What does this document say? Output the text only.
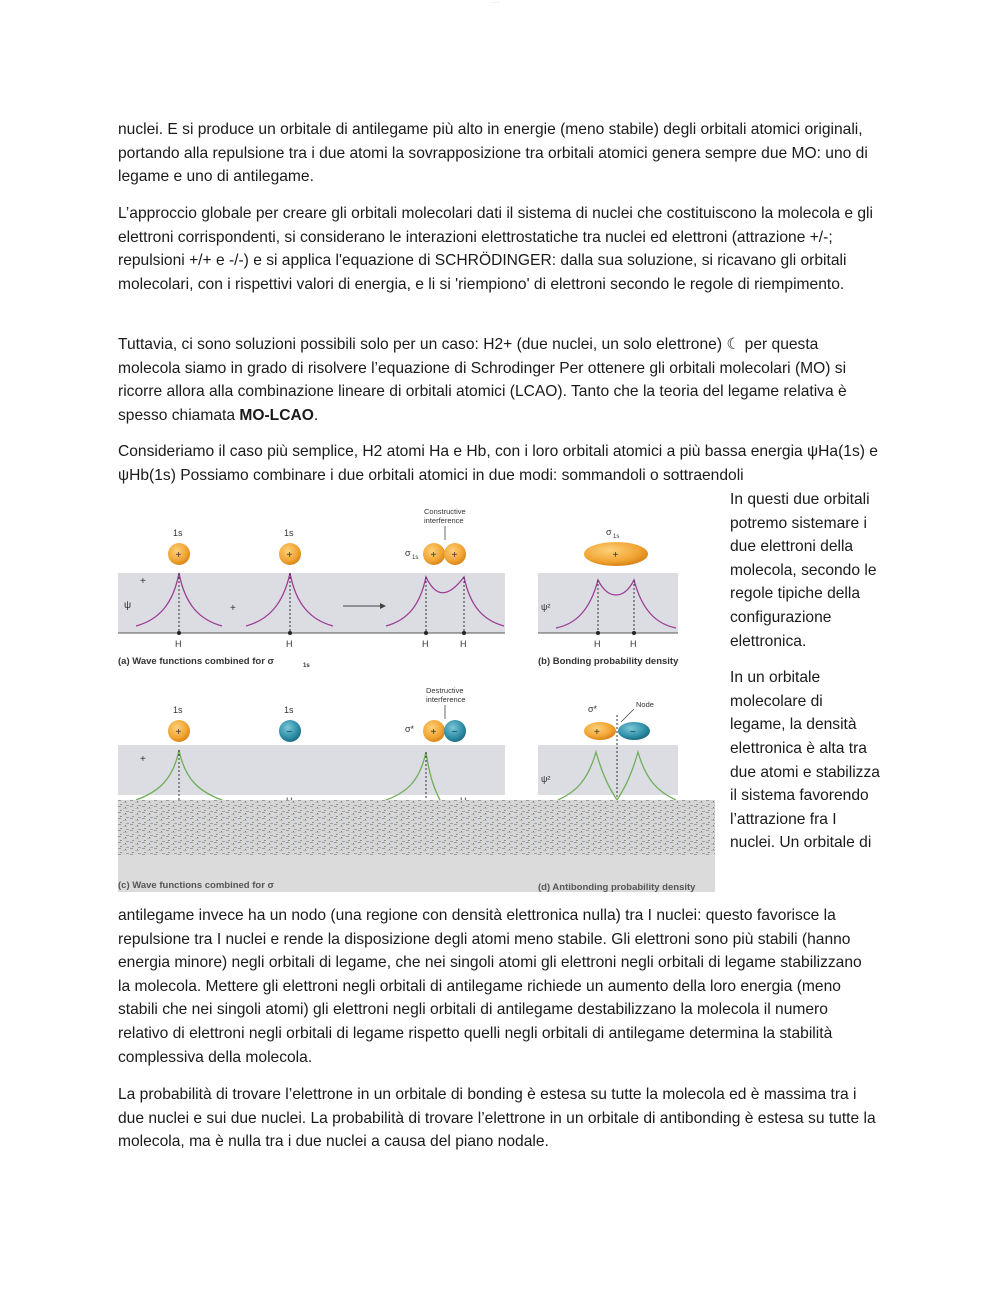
··· ···

nuclei. E si produce un orbitale di antilegame più alto in energie (meno stabile) degli orbitali atomici originali, portando alla repulsione tra i due atomi la sovrapposizione tra orbitali atomici genera sempre due MO: uno di legame e uno di antilegame.

L’approccio globale per creare gli orbitali molecolari dati il sistema di nuclei che costituiscono la molecola e gli elettroni corrispondenti, si considerano le interazioni elettrostatiche tra nuclei ed elettroni (attrazione +/-; repulsioni +/+ e -/-) e si applica l'equazione di SCHRÖDINGER: dalla sua soluzione, si ricavano gli orbitali molecolari, con i rispettivi valori di energia, e li si 'riempiono' di elettroni secondo le regole di riempimento.

Tuttavia, ci sono soluzioni possibili solo per un caso: H2+ (due nuclei, un solo elettrone) ☾ per questa molecola siamo in grado di risolvere l’equazione di Schrodinger Per ottenere gli orbitali molecolari (MO) si ricorre allora alla combinazione lineare di orbitali atomici (LCAO). Tanto che la teoria del legame relativa è spesso chiamata MO-LCAO.

Consideriamo il caso più semplice, H2 atomi Ha e Hb, con i loro orbitali atomici a più bassa energia ψHa(1s) e ψHb(1s) Possiamo combinare i due orbitali atomici in due modi: sommandoli o sottraendoli

In questi due orbitali potremo sistemare i due elettroni della molecola, secondo le regole tipiche della configurazione elettronica.

In un orbitale molecolare di legame, la densità elettronica è alta tra due atomi e stabilizza il sistema favorendo l’attrazione fra I nuclei. Un orbitale di

ψ
+
1s
+
H
+
1s
+
H
Constructive
interference
σ 1s + +
H	H
(a) Wave functions combined for σ	1s
ψ²
σ 1s
+
H	H
(b) Bonding probability density
+
1s
+
1s
−
Destructive
interference
σ* + −
ψ²
σ*	Node
+	−
(c) Wave functions combined for σ	(d) Antibonding probability density

antilegame invece ha un nodo (una regione con densità elettronica nulla) tra I nuclei: questo favorisce la repulsione tra I nuclei e rende la disposizione degli atomi meno stabile. Gli elettroni sono più stabili (hanno energia minore) negli orbitali di legame, che nei singoli atomi gli elettroni negli orbitali di legame stabilizzano la molecola. Mettere gli elettroni negli orbitali di antilegame richiede un aumento della loro energia (meno stabili che nei singoli atomi) gli elettroni negli orbitali di antilegame destabilizzano la molecola il numero relativo di elettroni negli orbitali di legame rispetto quelli negli orbitali di antilegame determina la stabilità complessiva della molecola.

La probabilità di trovare l’elettrone in un orbitale di bonding è estesa su tutte la molecola ed è massima tra i due nuclei e sui due nuclei. La probabilità di trovare l’elettrone in un orbitale di antibonding è estesa su tutte la molecola, ma è nulla tra i due nuclei a causa del piano nodale.
